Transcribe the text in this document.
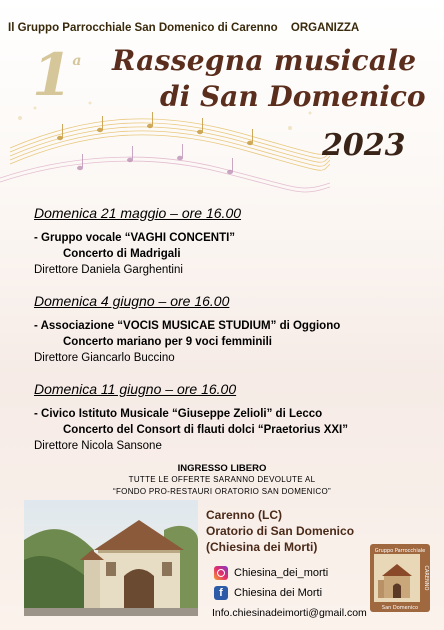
Il Gruppo Parrocchiale San Domenico di Carenno ORGANIZZA
1$^a$ Rassegna musicale
di San Domenico
2023
Domenica 21 maggio – ore 16.00
- Gruppo vocale “VAGHI CONCENTI”
Concerto di Madrigali
Direttore Daniela Garghentini
Domenica 4 giugno – ore 16.00
- Associazione “VOCIS MUSICAE STUDIUM” di Oggiono
Concerto mariano per 9 voci femminili
Direttore Giancarlo Buccino
Domenica 11 giugno – ore 16.00
- Civico Istituto Musicale “Giuseppe Zelioli” di Lecco
Concerto del Consort di flauti dolci “Praetorius XXI”
Direttore Nicola Sansone
INGRESSO LIBERO
TUTTE LE OFFERTE SARANNO DEVOLUTE AL
“FONDO PRO-RESTAURI ORATORIO SAN DOMENICO”
Carenno (LC)
Oratorio di San Domenico
(Chiesina dei Morti)
Chiesina_dei_morti
f	Chiesina dei Morti
Info.chiesinadeimorti@gmail.com
Gruppo Parrocchiale
San Domenico
CARENNO
